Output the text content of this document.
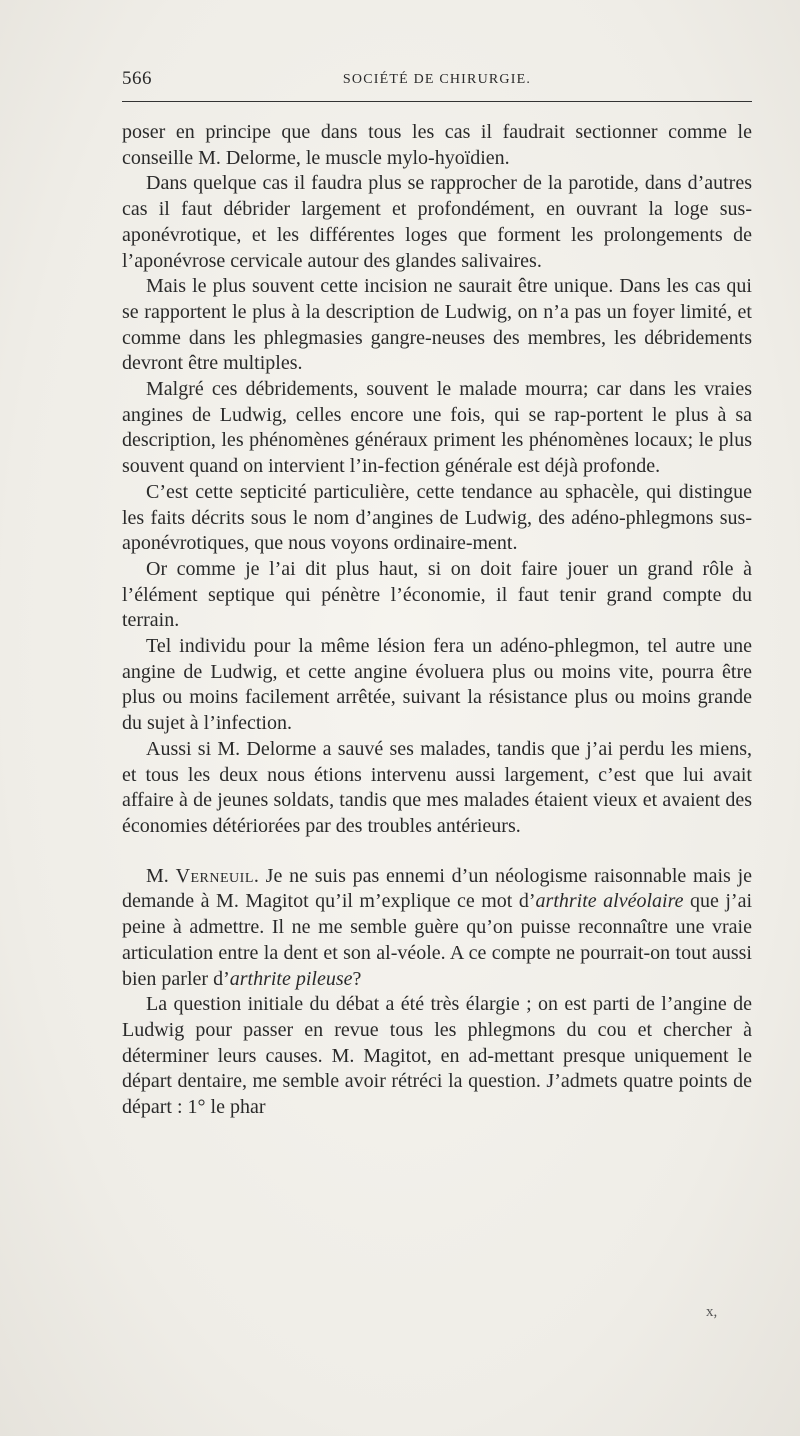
566	SOCIÉTÉ DE CHIRURGIE.

poser en principe que dans tous les cas il faudrait sectionner comme le conseille M. Delorme, le muscle mylo-hyoïdien.

Dans quelque cas il faudra plus se rapprocher de la parotide, dans d’autres cas il faut débrider largement et profondément, en ouvrant la loge sus-aponévrotique, et les différentes loges que forment les prolongements de l’aponévrose cervicale autour des glandes salivaires.

Mais le plus souvent cette incision ne saurait être unique. Dans les cas qui se rapportent le plus à la description de Ludwig, on n’a pas un foyer limité, et comme dans les phlegmasies gangre-neuses des membres, les débridements devront être multiples.

Malgré ces débridements, souvent le malade mourra; car dans les vraies angines de Ludwig, celles encore une fois, qui se rap-portent le plus à sa description, les phénomènes généraux priment les phénomènes locaux; le plus souvent quand on intervient l’in-fection générale est déjà profonde.

C’est cette septicité particulière, cette tendance au sphacèle, qui distingue les faits décrits sous le nom d’angines de Ludwig, des adéno-phlegmons sus-aponévrotiques, que nous voyons ordinaire-ment.

Or comme je l’ai dit plus haut, si on doit faire jouer un grand rôle à l’élément septique qui pénètre l’économie, il faut tenir grand compte du terrain.

Tel individu pour la même lésion fera un adéno-phlegmon, tel autre une angine de Ludwig, et cette angine évoluera plus ou moins vite, pourra être plus ou moins facilement arrêtée, suivant la résistance plus ou moins grande du sujet à l’infection.

Aussi si M. Delorme a sauvé ses malades, tandis que j’ai perdu les miens, et tous les deux nous étions intervenu aussi largement, c’est que lui avait affaire à de jeunes soldats, tandis que mes malades étaient vieux et avaient des économies détériorées par des troubles antérieurs.

M. Verneuil. Je ne suis pas ennemi d’un néologisme raisonnable mais je demande à M. Magitot qu’il m’explique ce mot d’arthrite alvéolaire que j’ai peine à admettre. Il ne me semble guère qu’on puisse reconnaître une vraie articulation entre la dent et son al-véole. A ce compte ne pourrait-on tout aussi bien parler d’arthrite pileuse?

La question initiale du débat a été très élargie ; on est parti de l’angine de Ludwig pour passer en revue tous les phlegmons du cou et chercher à déterminer leurs causes. M. Magitot, en ad-mettant presque uniquement le départ dentaire, me semble avoir rétréci la question. J’admets quatre points de départ : 1° le phar

x,
